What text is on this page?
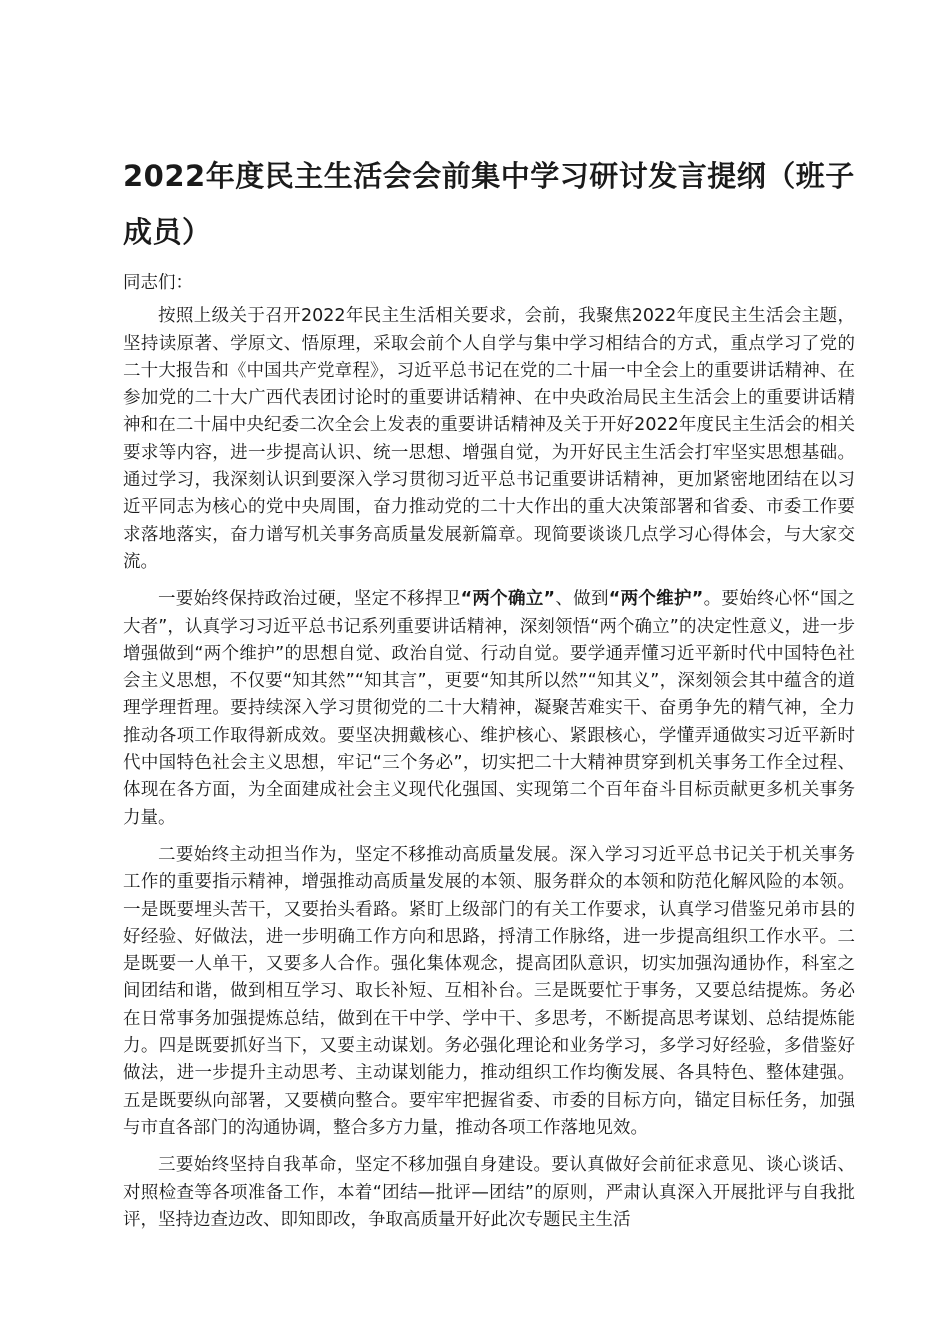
2022年度民主生活会会前集中学习研讨发言提纲（班子成员）

同志们：

按照上级关于召开2022年民主生活相关要求，会前，我聚焦2022年度民主生活会主题，坚持读原著、学原文、悟原理，采取会前个人自学与集中学习相结合的方式，重点学习了党的二十大报告和《中国共产党章程》，习近平总书记在党的二十届一中全会上的重要讲话精神、在参加党的二十大广西代表团讨论时的重要讲话精神、在中央政治局民主生活会上的重要讲话精神和在二十届中央纪委二次全会上发表的重要讲话精神及关于开好2022年度民主生活会的相关要求等内容，进一步提高认识、统一思想、增强自觉，为开好民主生活会打牢坚实思想基础。通过学习，我深刻认识到要深入学习贯彻习近平总书记重要讲话精神，更加紧密地团结在以习近平同志为核心的党中央周围，奋力推动党的二十大作出的重大决策部署和省委、市委工作要求落地落实，奋力谱写机关事务高质量发展新篇章。现简要谈谈几点学习心得体会，与大家交流。

一要始终保持政治过硬，坚定不移捍卫“两个确立”、做到“两个维护”。要始终心怀“国之大者”，认真学习习近平总书记系列重要讲话精神，深刻领悟“两个确立”的决定性意义，进一步增强做到“两个维护”的思想自觉、政治自觉、行动自觉。要学通弄懂习近平新时代中国特色社会主义思想，不仅要“知其然”“知其言”，更要“知其所以然”“知其义”，深刻领会其中蕴含的道理学理哲理。要持续深入学习贯彻党的二十大精神，凝聚苦难实干、奋勇争先的精气神，全力推动各项工作取得新成效。要坚决拥戴核心、维护核心、紧跟核心，学懂弄通做实习近平新时代中国特色社会主义思想，牢记“三个务必”，切实把二十大精神贯穿到机关事务工作全过程、体现在各方面，为全面建成社会主义现代化强国、实现第二个百年奋斗目标贡献更多机关事务力量。

二要始终主动担当作为，坚定不移推动高质量发展。深入学习习近平总书记关于机关事务工作的重要指示精神，增强推动高质量发展的本领、服务群众的本领和防范化解风险的本领。一是既要埋头苦干，又要抬头看路。紧盯上级部门的有关工作要求，认真学习借鉴兄弟市县的好经验、好做法，进一步明确工作方向和思路，捋清工作脉络，进一步提高组织工作水平。二是既要一人单干，又要多人合作。强化集体观念，提高团队意识，切实加强沟通协作，科室之间团结和谐，做到相互学习、取长补短、互相补台。三是既要忙于事务，又要总结提炼。务必在日常事务加强提炼总结，做到在干中学、学中干、多思考，不断提高思考谋划、总结提炼能力。四是既要抓好当下，又要主动谋划。务必强化理论和业务学习，多学习好经验，多借鉴好做法，进一步提升主动思考、主动谋划能力，推动组织工作均衡发展、各具特色、整体建强。五是既要纵向部署，又要横向整合。要牢牢把握省委、市委的目标方向，锚定目标任务，加强与市直各部门的沟通协调，整合多方力量，推动各项工作落地见效。

三要始终坚持自我革命，坚定不移加强自身建设。要认真做好会前征求意见、谈心谈话、对照检查等各项准备工作，本着“团结—批评—团结”的原则，严肃认真深入开展批评与自我批评，坚持边查边改、即知即改，争取高质量开好此次专题民主生活
